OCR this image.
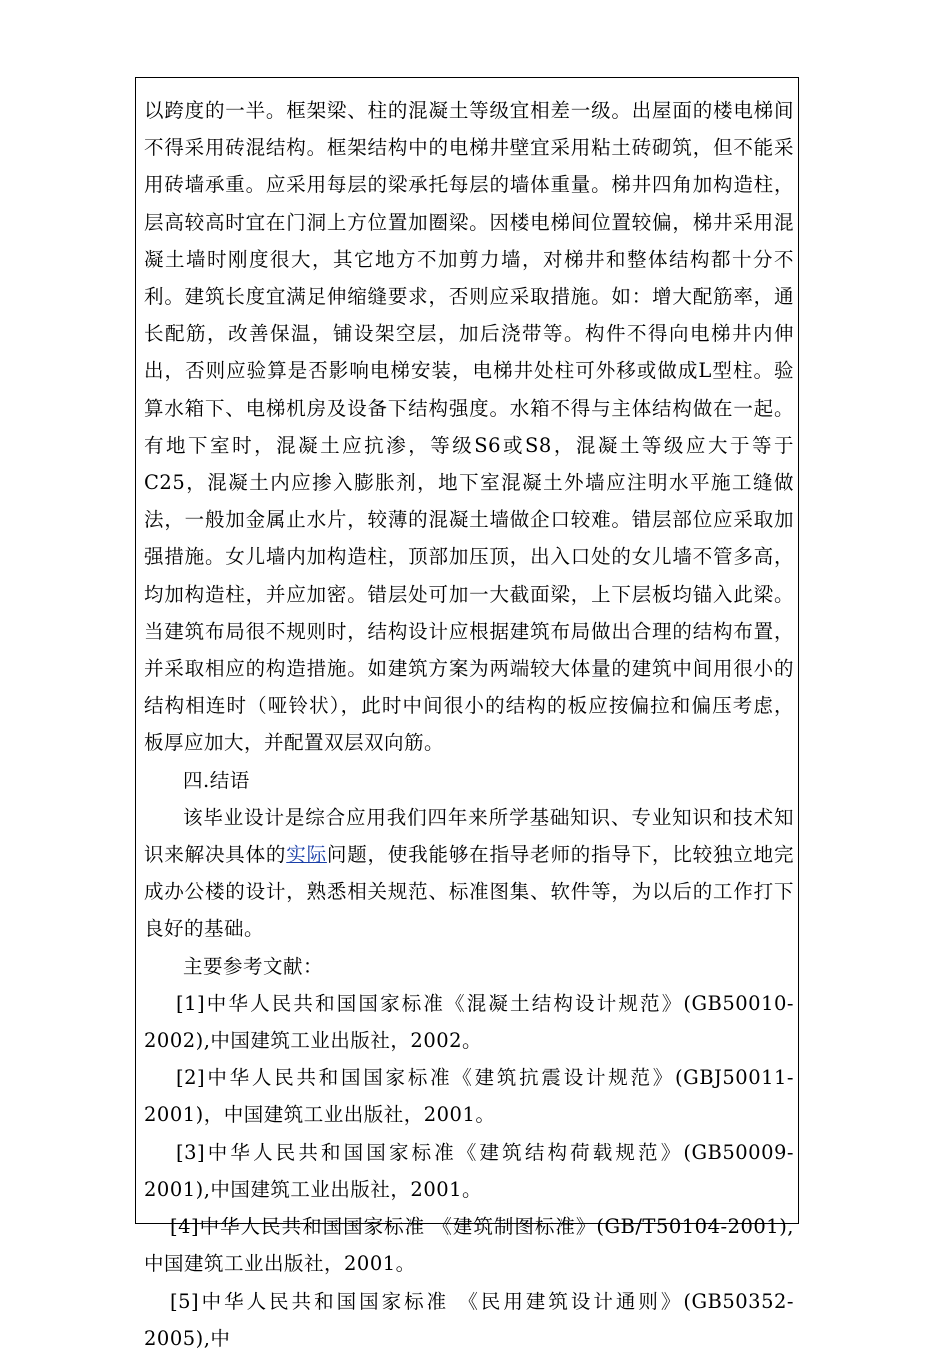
以跨度的一半。框架梁、柱的混凝土等级宜相差一级。出屋面的楼电梯间不得采用砖混结构。框架结构中的电梯井壁宜采用粘土砖砌筑，但不能采用砖墙承重。应采用每层的梁承托每层的墙体重量。梯井四角加构造柱，层高较高时宜在门洞上方位置加圈梁。因楼电梯间位置较偏，梯井采用混凝土墙时刚度很大，其它地方不加剪力墙，对梯井和整体结构都十分不利。建筑长度宜满足伸缩缝要求，否则应采取措施。如：增大配筋率，通长配筋，改善保温，铺设架空层，加后浇带等。构件不得向电梯井内伸出，否则应验算是否影响电梯安装，电梯井处柱可外移或做成L型柱。验算水箱下、电梯机房及设备下结构强度。水箱不得与主体结构做在一起。有地下室时，混凝土应抗渗，等级S6或S8，混凝土等级应大于等于C25，混凝土内应掺入膨胀剂，地下室混凝土外墙应注明水平施工缝做法，一般加金属止水片，较薄的混凝土墙做企口较难。错层部位应采取加强措施。女儿墙内加构造柱，顶部加压顶，出入口处的女儿墙不管多高，均加构造柱，并应加密。错层处可加一大截面梁，上下层板均锚入此梁。当建筑布局很不规则时，结构设计应根据建筑布局做出合理的结构布置，并采取相应的构造措施。如建筑方案为两端较大体量的建筑中间用很小的结构相连时（哑铃状），此时中间很小的结构的板应按偏拉和偏压考虑，板厚应加大，并配置双层双向筋。

四.结语

该毕业设计是综合应用我们四年来所学基础知识、专业知识和技术知识来解决具体的实际问题，使我能够在指导老师的指导下，比较独立地完成办公楼的设计，熟悉相关规范、标准图集、软件等，为以后的工作打下良好的基础。

主要参考文献：

[1]中华人民共和国国家标准《混凝土结构设计规范》(GB50010-2002),中国建筑工业出版社，2002。

[2]中华人民共和国国家标准《建筑抗震设计规范》(GBJ50011-2001)，中国建筑工业出版社，2001。

[3]中华人民共和国国家标准《建筑结构荷载规范》(GB50009-2001),中国建筑工业出版社，2001。

[4]中华人民共和国国家标准 《建筑制图标准》(GB/T50104-2001),中国建筑工业出版社，2001。

[5]中华人民共和国国家标准 《民用建筑设计通则》(GB50352-2005),中
